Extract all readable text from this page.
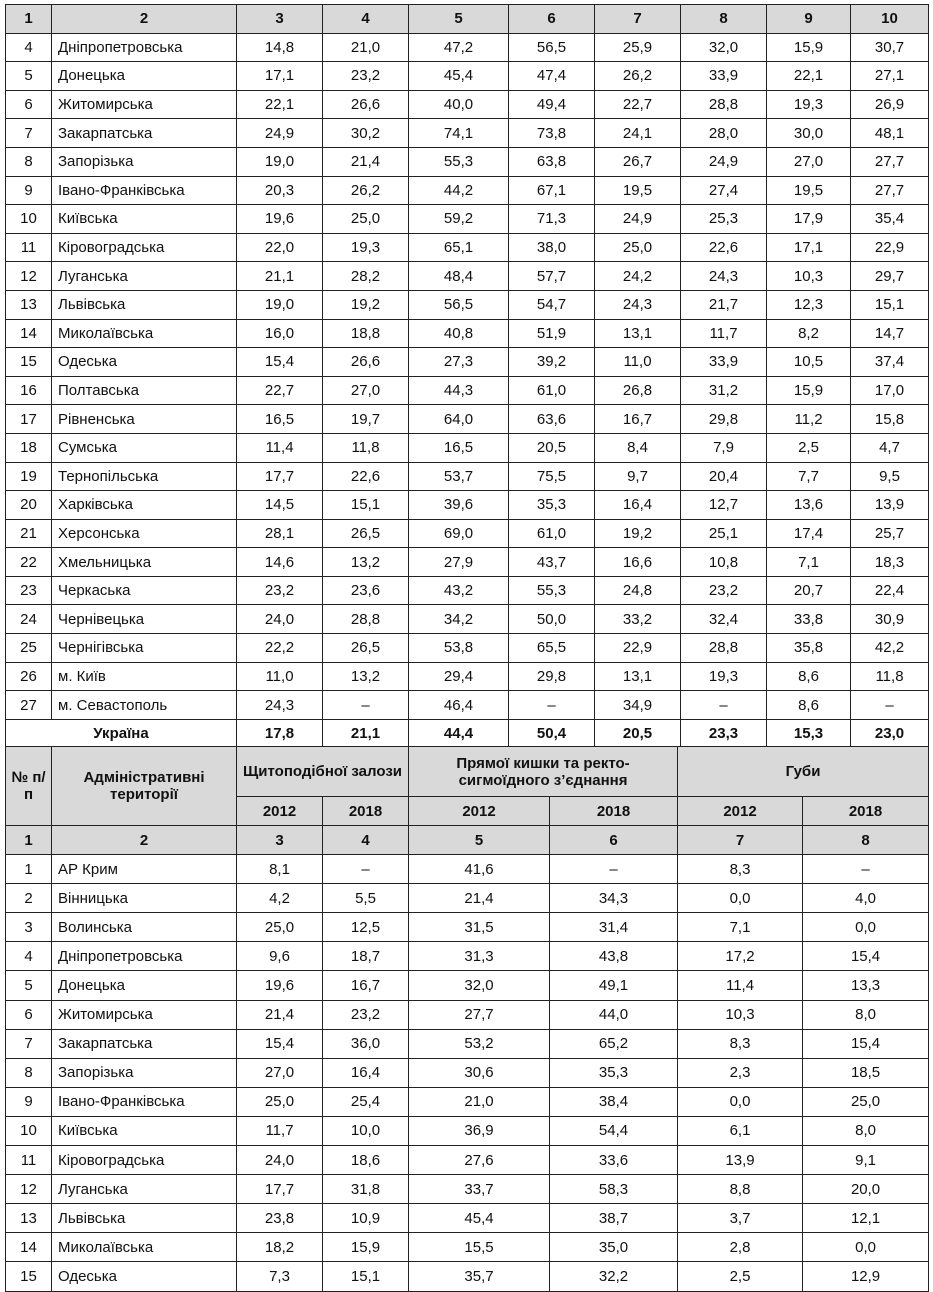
1	2	3	4	5	6	7	8	9	10
4	Дніпропетровська	14,8	21,0	47,2	56,5	25,9	32,0	15,9	30,7
5	Донецька	17,1	23,2	45,4	47,4	26,2	33,9	22,1	27,1
6	Житомирська	22,1	26,6	40,0	49,4	22,7	28,8	19,3	26,9
7	Закарпатська	24,9	30,2	74,1	73,8	24,1	28,0	30,0	48,1
8	Запорізька	19,0	21,4	55,3	63,8	26,7	24,9	27,0	27,7
9	Івано-Франківська	20,3	26,2	44,2	67,1	19,5	27,4	19,5	27,7
10	Київська	19,6	25,0	59,2	71,3	24,9	25,3	17,9	35,4
11	Кіровоградська	22,0	19,3	65,1	38,0	25,0	22,6	17,1	22,9
12	Луганська	21,1	28,2	48,4	57,7	24,2	24,3	10,3	29,7
13	Львівська	19,0	19,2	56,5	54,7	24,3	21,7	12,3	15,1
14	Миколаївська	16,0	18,8	40,8	51,9	13,1	11,7	8,2	14,7
15	Одеська	15,4	26,6	27,3	39,2	11,0	33,9	10,5	37,4
16	Полтавська	22,7	27,0	44,3	61,0	26,8	31,2	15,9	17,0
17	Рівненська	16,5	19,7	64,0	63,6	16,7	29,8	11,2	15,8
18	Сумська	11,4	11,8	16,5	20,5	8,4	7,9	2,5	4,7
19	Тернопільська	17,7	22,6	53,7	75,5	9,7	20,4	7,7	9,5
20	Харківська	14,5	15,1	39,6	35,3	16,4	12,7	13,6	13,9
21	Херсонська	28,1	26,5	69,0	61,0	19,2	25,1	17,4	25,7
22	Хмельницька	14,6	13,2	27,9	43,7	16,6	10,8	7,1	18,3
23	Черкаська	23,2	23,6	43,2	55,3	24,8	23,2	20,7	22,4
24	Чернівецька	24,0	28,8	34,2	50,0	33,2	32,4	33,8	30,9
25	Чернігівська	22,2	26,5	53,8	65,5	22,9	28,8	35,8	42,2
26	м. Київ	11,0	13,2	29,4	29,8	13,1	19,3	8,6	11,8
27	м. Севастополь	24,3	–	46,4	–	34,9	–	8,6	–
Україна		17,8	21,1	44,4	50,4	20,5	23,3	15,3	23,0
№ п/п	Адміністративні території	Щитоподібної залози		Прямої кишки та ректо-сигмоїдного з’єднання		Губи	
		2012	2018	2012	2018	2012	2018
1	2	3	4	5	6	7	8
1	АР Крим	8,1	–	41,6	–	8,3	–
2	Вінницька	4,2	5,5	21,4	34,3	0,0	4,0
3	Волинська	25,0	12,5	31,5	31,4	7,1	0,0
4	Дніпропетровська	9,6	18,7	31,3	43,8	17,2	15,4
5	Донецька	19,6	16,7	32,0	49,1	11,4	13,3
6	Житомирська	21,4	23,2	27,7	44,0	10,3	8,0
7	Закарпатська	15,4	36,0	53,2	65,2	8,3	15,4
8	Запорізька	27,0	16,4	30,6	35,3	2,3	18,5
9	Івано-Франківська	25,0	25,4	21,0	38,4	0,0	25,0
10	Київська	11,7	10,0	36,9	54,4	6,1	8,0
11	Кіровоградська	24,0	18,6	27,6	33,6	13,9	9,1
12	Луганська	17,7	31,8	33,7	58,3	8,8	20,0
13	Львівська	23,8	10,9	45,4	38,7	3,7	12,1
14	Миколаївська	18,2	15,9	15,5	35,0	2,8	0,0
15	Одеська	7,3	15,1	35,7	32,2	2,5	12,9
